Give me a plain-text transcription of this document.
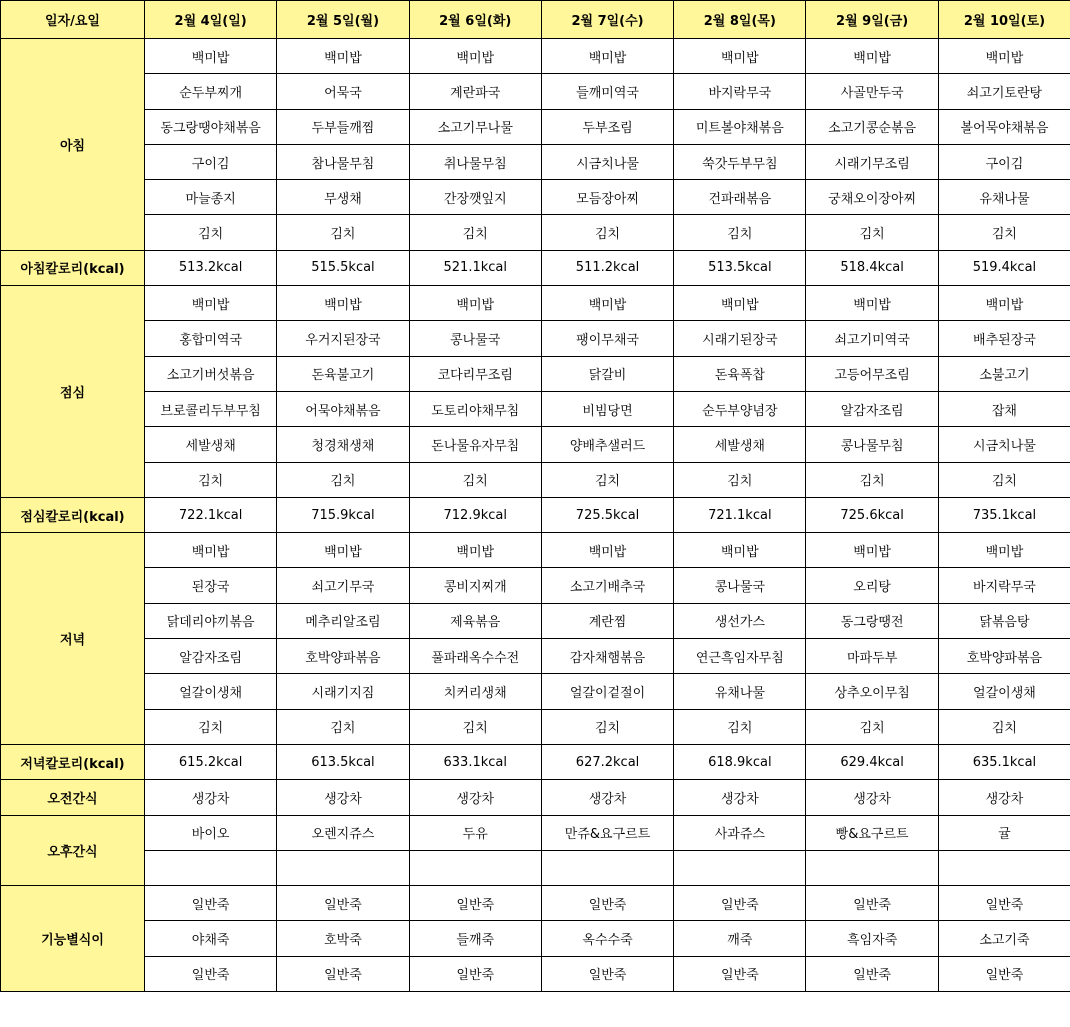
일자/요일	2월 4일(일)	2월 5일(월)	2월 6일(화)	2월 7일(수)	2월 8일(목)	2월 9일(금)	2월 10일(토)
아침	백미밥	백미밥	백미밥	백미밥	백미밥	백미밥	백미밥
	순두부찌개	어묵국	계란파국	들깨미역국	바지락무국	사골만두국	쇠고기토란탕
	동그랑땡야채볶음	두부들깨찜	소고기무나물	두부조림	미트볼야채볶음	소고기콩순볶음	볼어묵야채볶음
	구이김	참나물무침	취나물무침	시금치나물	쑥갓두부무침	시래기무조림	구이김
	마늘종지	무생채	간장깻잎지	모듬장아찌	건파래볶음	궁채오이장아찌	유채나물
	김치	김치	김치	김치	김치	김치	김치
아침칼로리(kcal)	513.2kcal	515.5kcal	521.1kcal	511.2kcal	513.5kcal	518.4kcal	519.4kcal
점심	백미밥	백미밥	백미밥	백미밥	백미밥	백미밥	백미밥
	홍합미역국	우거지된장국	콩나물국	팽이무채국	시래기된장국	쇠고기미역국	배추된장국
	소고기버섯볶음	돈육불고기	코다리무조림	닭갈비	돈육폭찹	고등어무조림	소불고기
	브로콜리두부무침	어묵야채볶음	도토리야채무침	비빔당면	순두부양념장	알감자조림	잡채
	세발생채	청경채생채	돈나물유자무침	양배추샐러드	세발생채	콩나물무침	시금치나물
	김치	김치	김치	김치	김치	김치	김치
점심칼로리(kcal)	722.1kcal	715.9kcal	712.9kcal	725.5kcal	721.1kcal	725.6kcal	735.1kcal
저녁	백미밥	백미밥	백미밥	백미밥	백미밥	백미밥	백미밥
	된장국	쇠고기무국	콩비지찌개	소고기배추국	콩나물국	오리탕	바지락무국
	닭데리야끼볶음	메추리알조림	제육볶음	계란찜	생선가스	동그랑땡전	닭볶음탕
	알감자조림	호박양파볶음	풀파래옥수수전	감자채햄볶음	연근흑임자무침	마파두부	호박양파볶음
	얼갈이생채	시래기지짐	치커리생채	얼갈이겉절이	유채나물	상추오이무침	얼갈이생채
	김치	김치	김치	김치	김치	김치	김치
저녁칼로리(kcal)	615.2kcal	613.5kcal	633.1kcal	627.2kcal	618.9kcal	629.4kcal	635.1kcal
오전간식	생강차	생강차	생강차	생강차	생강차	생강차	생강차
오후간식	바이오	오렌지쥬스	두유	만쥬&요구르트	사과쥬스	빵&요구르트	귤

기능별식이	일반죽	일반죽	일반죽	일반죽	일반죽	일반죽	일반죽
	야채죽	호박죽	들깨죽	옥수수죽	깨죽	흑임자죽	소고기죽
	일반죽	일반죽	일반죽	일반죽	일반죽	일반죽	일반죽
